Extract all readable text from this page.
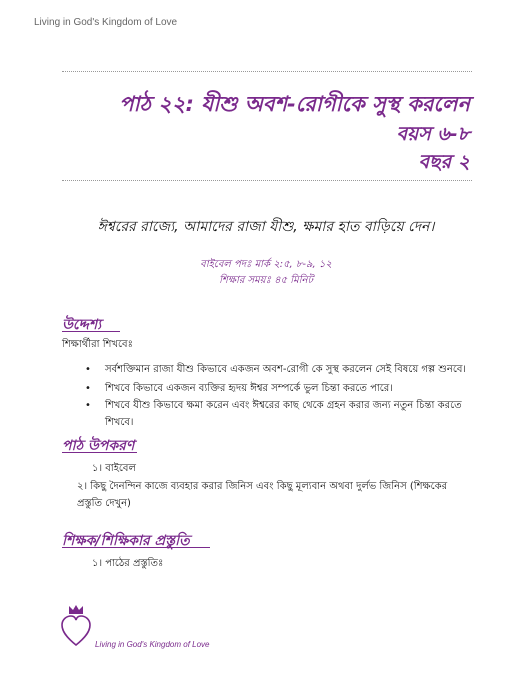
Living in God's Kingdom of Love
পাঠ ২২: যীশু অবশ-রোগীকে সুস্থ করলেন
বয়স ৬-৮
বছর ২
ঈশ্বরের রাজ্যে, আমাদের রাজা যীশু, ক্ষমার হাত বাড়িয়ে দেন।
বাইবেল পদঃ মার্ক ২:৫, ৮-৯, ১২
শিক্ষার সময়ঃ ৪৫ মিনিট
উদ্দেশ্য
শিক্ষার্থীরা শিখবেঃ
• সর্বশক্তিমান রাজা যীশু কিভাবে একজন অবশ-রোগী কে সুস্থ করলেন সেই বিষয়ে গল্প শুনবে।
• শিখবে কিভাবে একজন ব্যক্তির হৃদয় ঈশ্বর সম্পর্কে ভুল চিন্তা করতে পারে।
• শিখবে যীশু কিভাবে ক্ষমা করেন এবং ঈশ্বরের কাছ থেকে গ্রহন করার জন্য নতুন চিন্তা করতে শিখবে।
পাঠ উপকরণ
১। বাইবেল
২। কিছু দৈনন্দিন কাজে ব্যবহার করার জিনিস এবং কিছু মূল্যবান অথবা দুর্লভ জিনিস (শিক্ষকের প্রস্তুতি দেখুন)
শিক্ষক/শিক্ষিকার প্রস্তুতি
১। পাঠের প্রস্তুতিঃ
Living in God's Kingdom of Love
